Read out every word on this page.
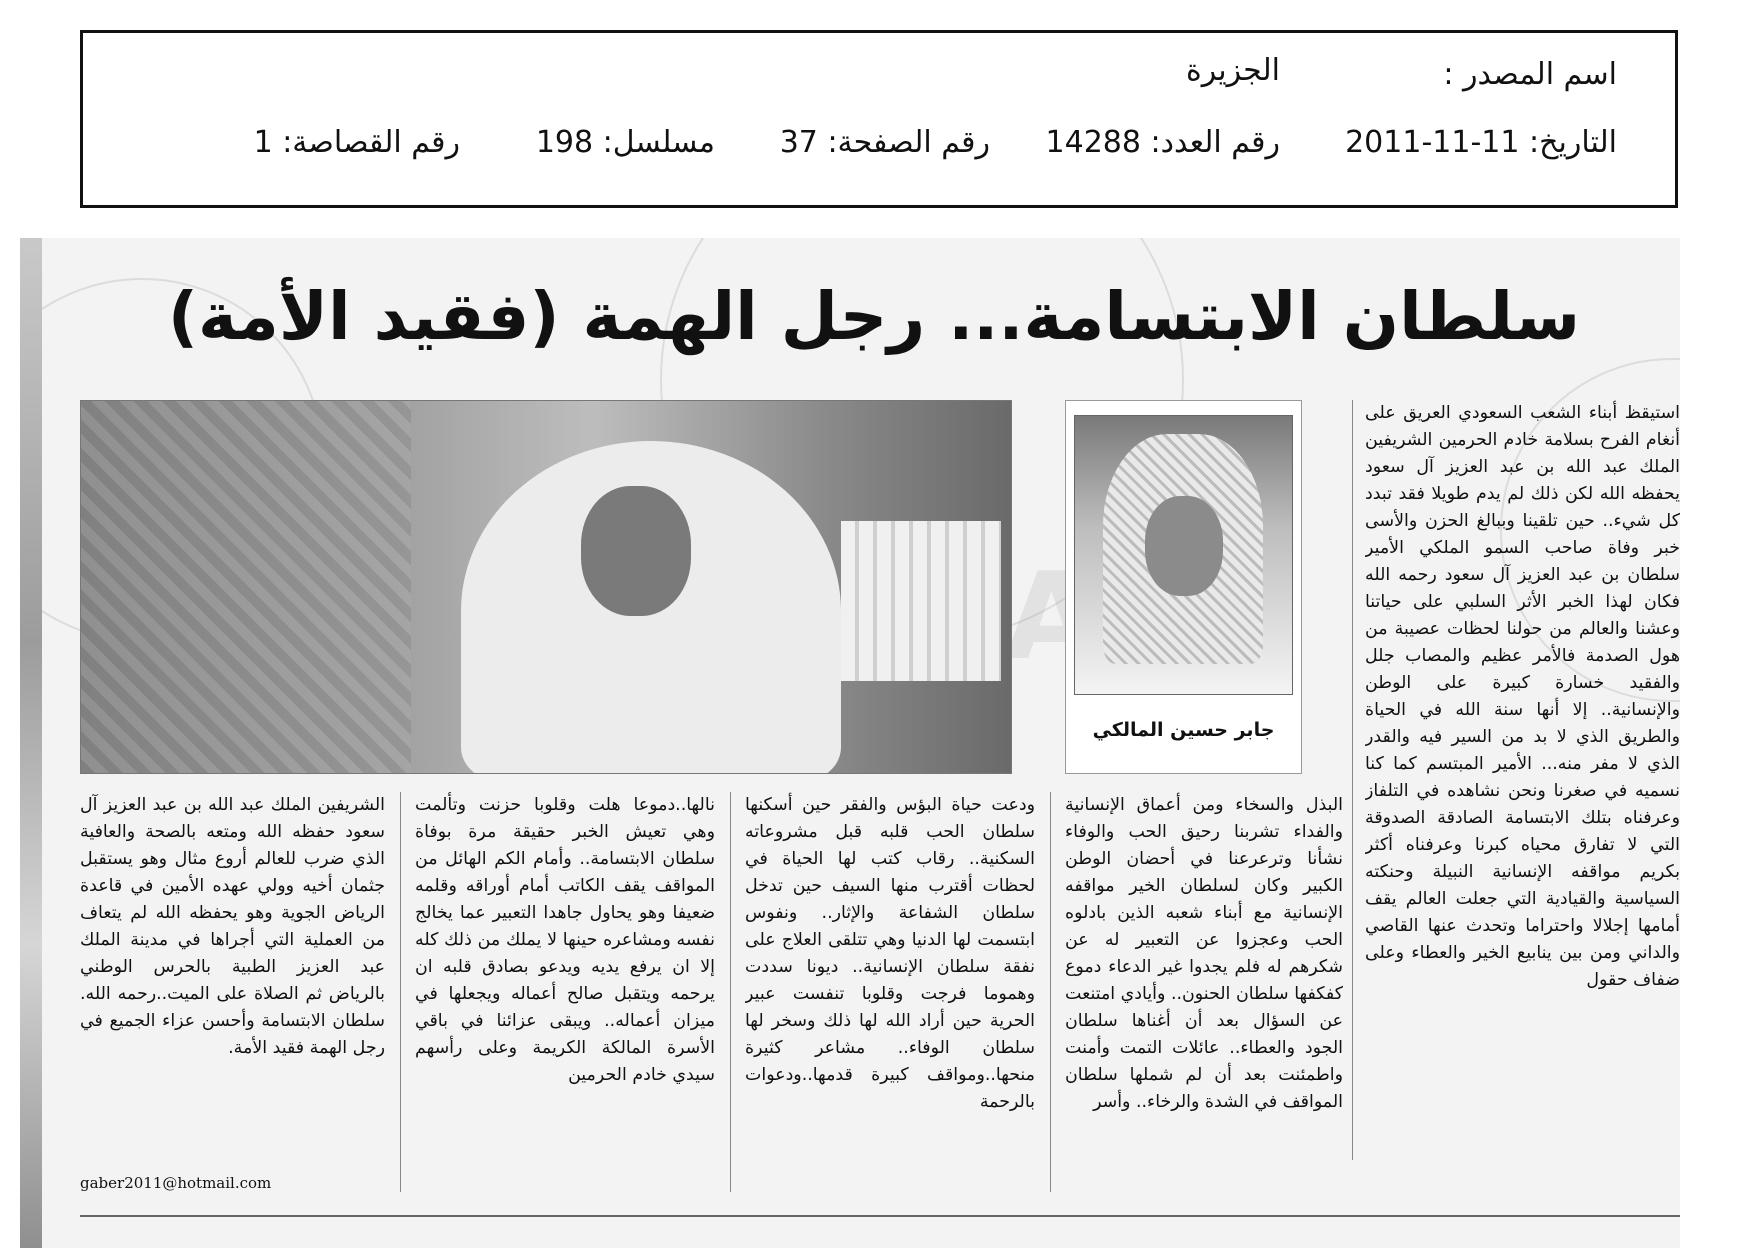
اسم المصدر :
الجزيرة
التاريخ: 11-11-2011
رقم العدد: 14288
رقم الصفحة: 37
مسلسل: 198
رقم القصاصة: 1
سلطان الابتسامة... رجل الهمة (فقيد الأمة)
جابر حسين المالكي
استيقظ أبناء الشعب السعودي العريق على أنغام الفرح بسلامة خادم الحرمين الشريفين الملك عبد الله بن عبد العزيز آل سعود يحفظه الله لكن ذلك لم يدم طويلا فقد تبدد كل شيء.. حين تلقينا وببالغ الحزن والأسى خبر وفاة صاحب السمو الملكي الأمير سلطان بن عبد العزيز آل سعود رحمه الله فكان لهذا الخبر الأثر السلبي على حياتنا وعشنا والعالم من حولنا لحظات عصيبة من هول الصدمة فالأمر عظيم والمصاب جلل والفقيد خسارة كبيرة على الوطن والإنسانية.. إلا أنها سنة الله في الحياة والطريق الذي لا بد من السير فيه والقدر الذي لا مفر منه... الأمير المبتسم كما كنا نسميه في صغرنا ونحن نشاهده في التلفاز وعرفناه بتلك الابتسامة الصادقة الصدوقة التي لا تفارق محياه كبرنا وعرفناه أكثر بكريم مواقفه الإنسانية النبيلة وحنكته السياسية والقيادية التي جعلت العالم يقف أمامها إجلالا واحتراما وتحدث عنها القاصي والداني ومن بين ينابيع الخير والعطاء وعلى ضفاف حقول
البذل والسخاء ومن أعماق الإنسانية والفداء تشربنا رحيق الحب والوفاء نشأنا وترعرعنا في أحضان الوطن الكبير وكان لسلطان الخير مواقفه الإنسانية مع أبناء شعبه الذين بادلوه الحب وعجزوا عن التعبير له عن شكرهم له فلم يجدوا غير الدعاء دموع كفكفها سلطان الحنون.. وأيادي امتنعت عن السؤال بعد أن أغناها سلطان الجود والعطاء.. عائلات التمت وأمنت واطمئنت بعد أن لم شملها سلطان المواقف في الشدة والرخاء.. وأسر
ودعت حياة البؤس والفقر حين أسكنها سلطان الحب قلبه قبل مشروعاته السكنية.. رقاب كتب لها الحياة في لحظات أقترب منها السيف حين تدخل سلطان الشفاعة والإثار.. ونفوس ابتسمت لها الدنيا وهي تتلقى العلاج على نفقة سلطان الإنسانية.. ديونا سددت وهموما فرجت وقلوبا تنفست عبير الحرية حين أراد الله لها ذلك وسخر لها سلطان الوفاء.. مشاعر كثيرة منحها..ومواقف كبيرة قدمها..ودعوات بالرحمة
نالها..دموعا هلت وقلوبا حزنت وتألمت وهي تعيش الخبر حقيقة مرة بوفاة سلطان الابتسامة.. وأمام الكم الهائل من المواقف يقف الكاتب أمام أوراقه وقلمه ضعيفا وهو يحاول جاهدا التعبير عما يخالج نفسه ومشاعره حينها لا يملك من ذلك كله إلا ان يرفع يديه ويدعو بصادق قلبه ان يرحمه ويتقبل صالح أعماله ويجعلها في ميزان أعماله.. ويبقى عزائنا في باقي الأسرة المالكة الكريمة وعلى رأسهم سيدي خادم الحرمين
الشريفين الملك عبد الله بن عبد العزيز آل سعود حفظه الله ومتعه بالصحة والعافية الذي ضرب للعالم أروع مثال وهو يستقبل جثمان أخيه وولي عهده الأمين في قاعدة الرياض الجوية وهو يحفظه الله لم يتعاف من العملية التي أجراها في مدينة الملك عبد العزيز الطبية بالحرس الوطني بالرياض ثم الصلاة على الميت..رحمه الله. سلطان الابتسامة وأحسن عزاء الجميع في رجل الهمة فقيد الأمة.
gaber2011@hotmail.com
